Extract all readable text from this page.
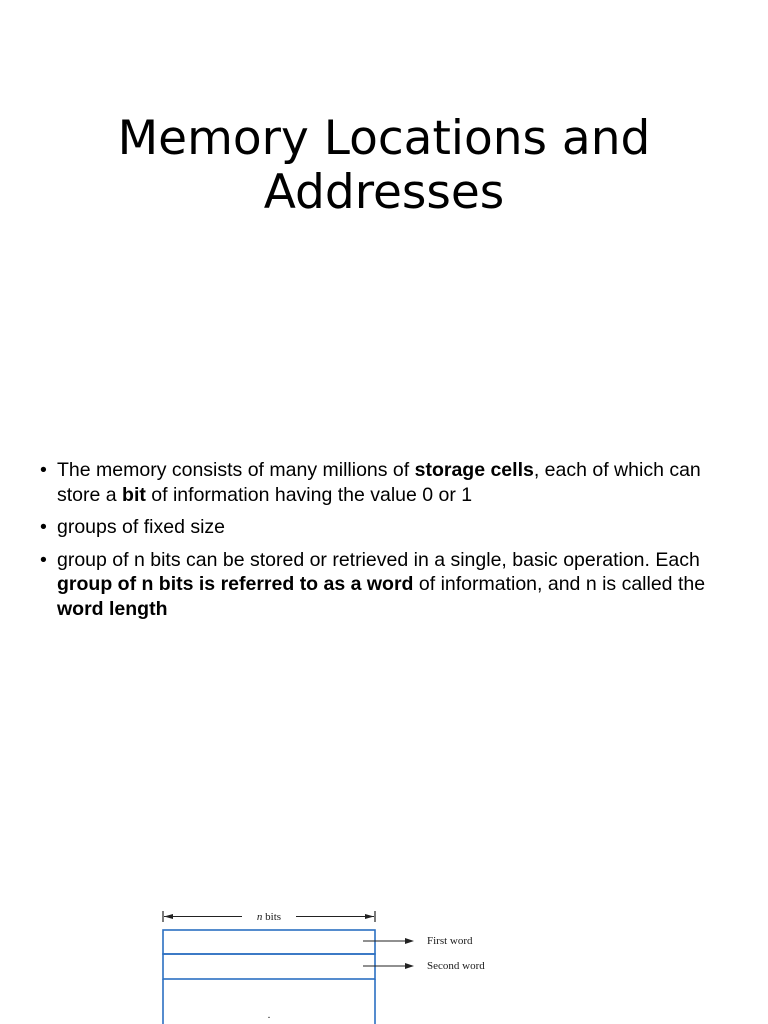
Memory Locations and
Addresses
• The memory consists of many millions of storage cells, each of which can store a bit of information having the value 0 or 1
• groups of fixed size
• group of n bits can be stored or retrieved in a single, basic operation. Each group of n bits is referred to as a word of information, and n is called the word length
n bits
.
First word
Second word
